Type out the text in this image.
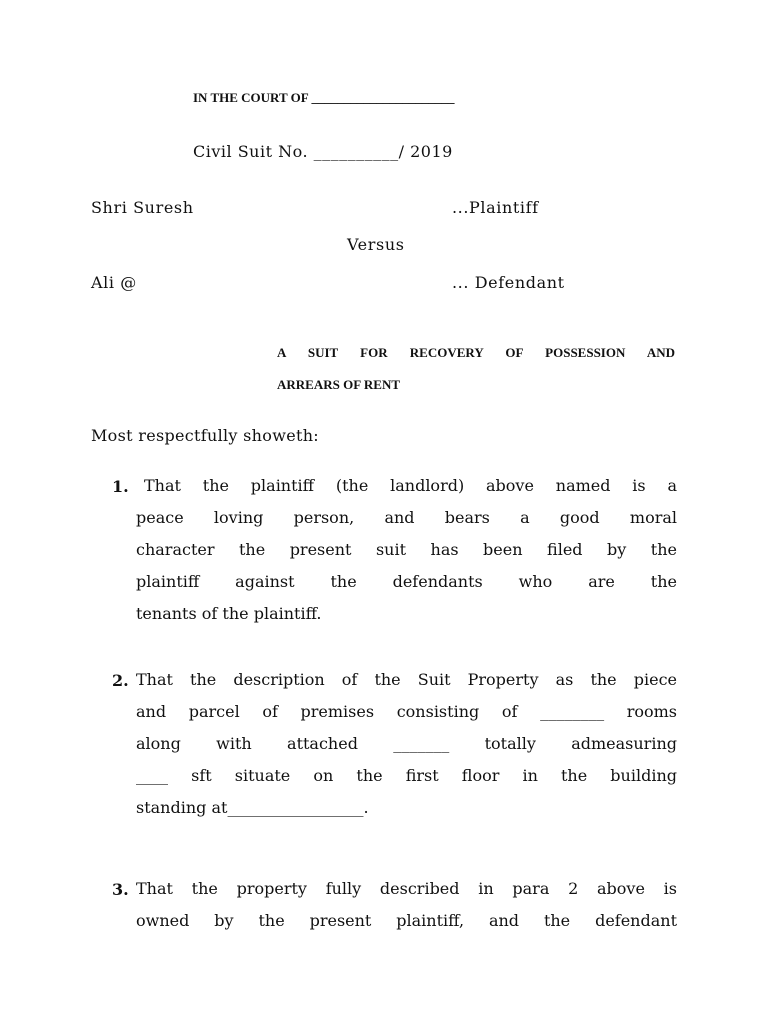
IN THE COURT OF ______________________
Civil Suit No. __________/ 2019
Shri Suresh	...Plaintiff
Versus
Ali @	... Defendant
A SUIT FOR RECOVERY OF POSSESSION AND
ARREARS OF RENT
Most respectfully showeth:
1. That the plaintiff (the landlord) above named is a
peace loving person, and bears a good moral
character the present suit has been filed by the
plaintiff against the defendants who are the
tenants of the plaintiff.
2. That the description of the Suit Property as the piece
and parcel of premises consisting of ________ rooms
along with attached _______ totally admeasuring
____ sft situate on the first floor in the building
standing at_________________.
3. That the property fully described in para 2 above is
owned by the present plaintiff, and the defendant
